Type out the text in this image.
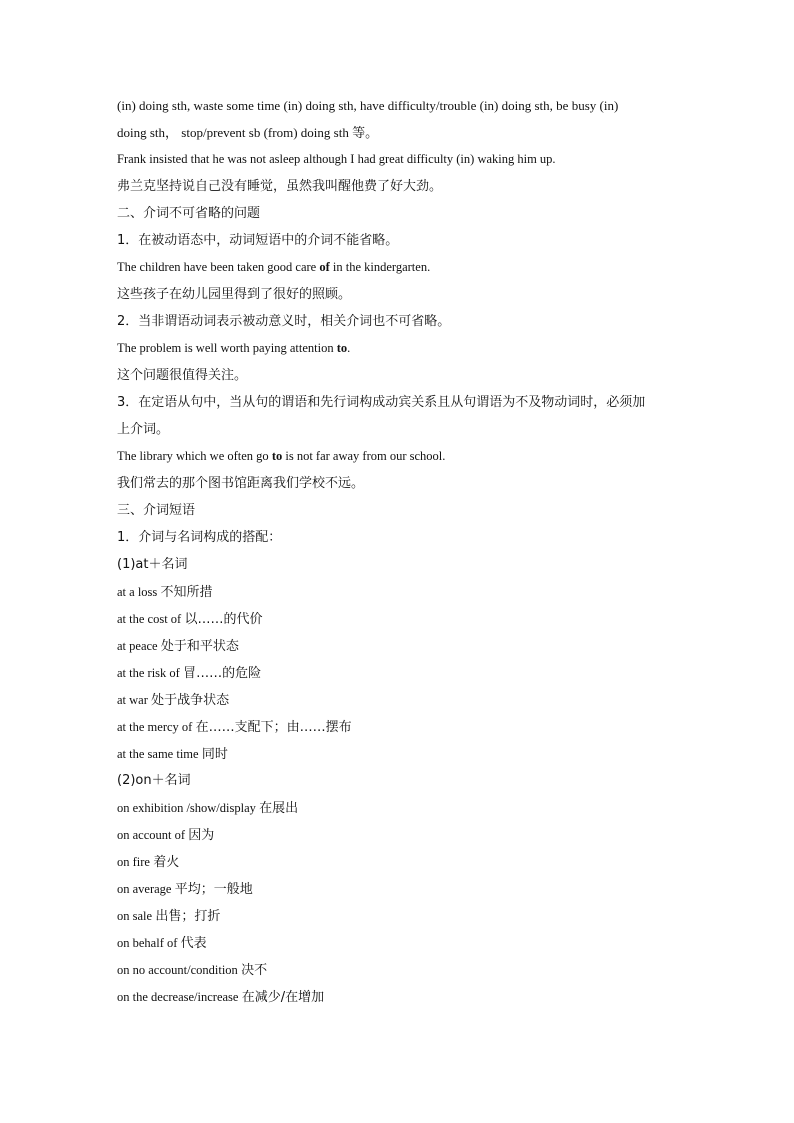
(in) doing sth, waste some time (in) doing sth, have difficulty/trouble (in) doing sth, be busy (in)
doing sth， stop/prevent sb (from) doing sth 等。
Frank insisted that he was not asleep although I had great difficulty (in) waking him up.
弗兰克坚持说自己没有睡觉，虽然我叫醒他费了好大劲。
二、介词不可省略的问题
1．在被动语态中，动词短语中的介词不能省略。
The children have been taken good care of in the kindergarten.
这些孩子在幼儿园里得到了很好的照顾。
2．当非谓语动词表示被动意义时，相关介词也不可省略。
The problem is well worth paying attention to.
这个问题很值得关注。
3．在定语从句中，当从句的谓语和先行词构成动宾关系且从句谓语为不及物动词时，必须加
上介词。
The library which we often go to is not far away from our school.
我们常去的那个图书馆距离我们学校不远。
三、介词短语
1．介词与名词构成的搭配：
(1)at＋名词
at a loss 不知所措
at the cost of 以……的代价
at peace 处于和平状态
at the risk of 冒……的危险
at war 处于战争状态
at the mercy of 在……支配下；由……摆布
at the same time 同时
(2)on＋名词
on exhibition /show/display 在展出
on account of 因为
on fire 着火
on average 平均；一般地
on sale 出售；打折
on behalf of 代表
on no account/condition 决不
on the decrease/increase 在减少/在增加
